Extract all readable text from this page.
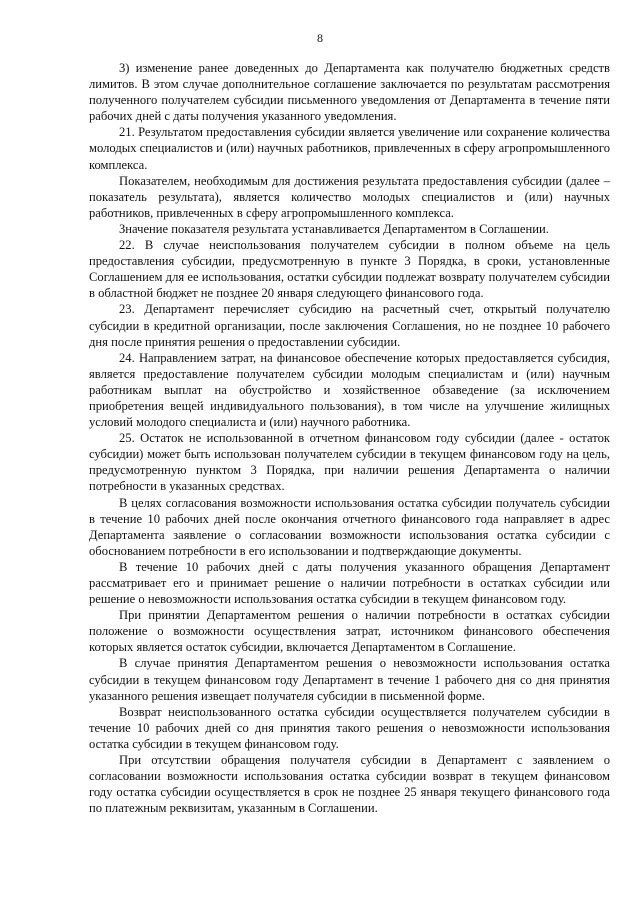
8

3) изменение ранее доведенных до Департамента как получателю бюджетных средств лимитов. В этом случае дополнительное соглашение заключается по результатам рассмотрения полученного получателем субсидии письменного уведомления от Департамента в течение пяти рабочих дней с даты получения указанного уведомления.

21. Результатом предоставления субсидии является увеличение или сохранение количества молодых специалистов и (или) научных работников, привлеченных в сферу агропромышленного комплекса.

Показателем, необходимым для достижения результата предоставления субсидии (далее – показатель результата), является количество молодых специалистов и (или) научных работников, привлеченных в сферу агропромышленного комплекса.

Значение показателя результата устанавливается Департаментом в Соглашении.

22. В случае неиспользования получателем субсидии в полном объеме на цель предоставления субсидии, предусмотренную в пункте 3 Порядка, в сроки, установленные Соглашением для ее использования, остатки субсидии подлежат возврату получателем субсидии в областной бюджет не позднее 20 января следующего финансового года.

23. Департамент перечисляет субсидию на расчетный счет, открытый получателю субсидии в кредитной организации, после заключения Соглашения, но не позднее 10 рабочего дня после принятия решения о предоставлении субсидии.

24. Направлением затрат, на финансовое обеспечение которых предоставляется субсидия, является предоставление получателем субсидии молодым специалистам и (или) научным работникам выплат на обустройство и хозяйственное обзаведение (за исключением приобретения вещей индивидуального пользования), в том числе на улучшение жилищных условий молодого специалиста и (или) научного работника.

25. Остаток не использованной в отчетном финансовом году субсидии (далее - остаток субсидии) может быть использован получателем субсидии в текущем финансовом году на цель, предусмотренную пунктом 3 Порядка, при наличии решения Департамента о наличии потребности в указанных средствах.

В целях согласования возможности использования остатка субсидии получатель субсидии в течение 10 рабочих дней после окончания отчетного финансового года направляет в адрес Департамента заявление о согласовании возможности использования остатка субсидии с обоснованием потребности в его использовании и подтверждающие документы.

В течение 10 рабочих дней с даты получения указанного обращения Департамент рассматривает его и принимает решение о наличии потребности в остатках субсидии или решение о невозможности использования остатка субсидии в текущем финансовом году.

При принятии Департаментом решения о наличии потребности в остатках субсидии положение о возможности осуществления затрат, источником финансового обеспечения которых является остаток субсидии, включается Департаментом в Соглашение.

В случае принятия Департаментом решения о невозможности использования остатка субсидии в текущем финансовом году Департамент в течение 1 рабочего дня со дня принятия указанного решения извещает получателя субсидии в письменной форме.

Возврат неиспользованного остатка субсидии осуществляется получателем субсидии в течение 10 рабочих дней со дня принятия такого решения о невозможности использования остатка субсидии в текущем финансовом году.

При отсутствии обращения получателя субсидии в Департамент с заявлением о согласовании возможности использования остатка субсидии возврат в текущем финансовом году остатка субсидии осуществляется в срок не позднее 25 января текущего финансового года по платежным реквизитам, указанным в Соглашении.
